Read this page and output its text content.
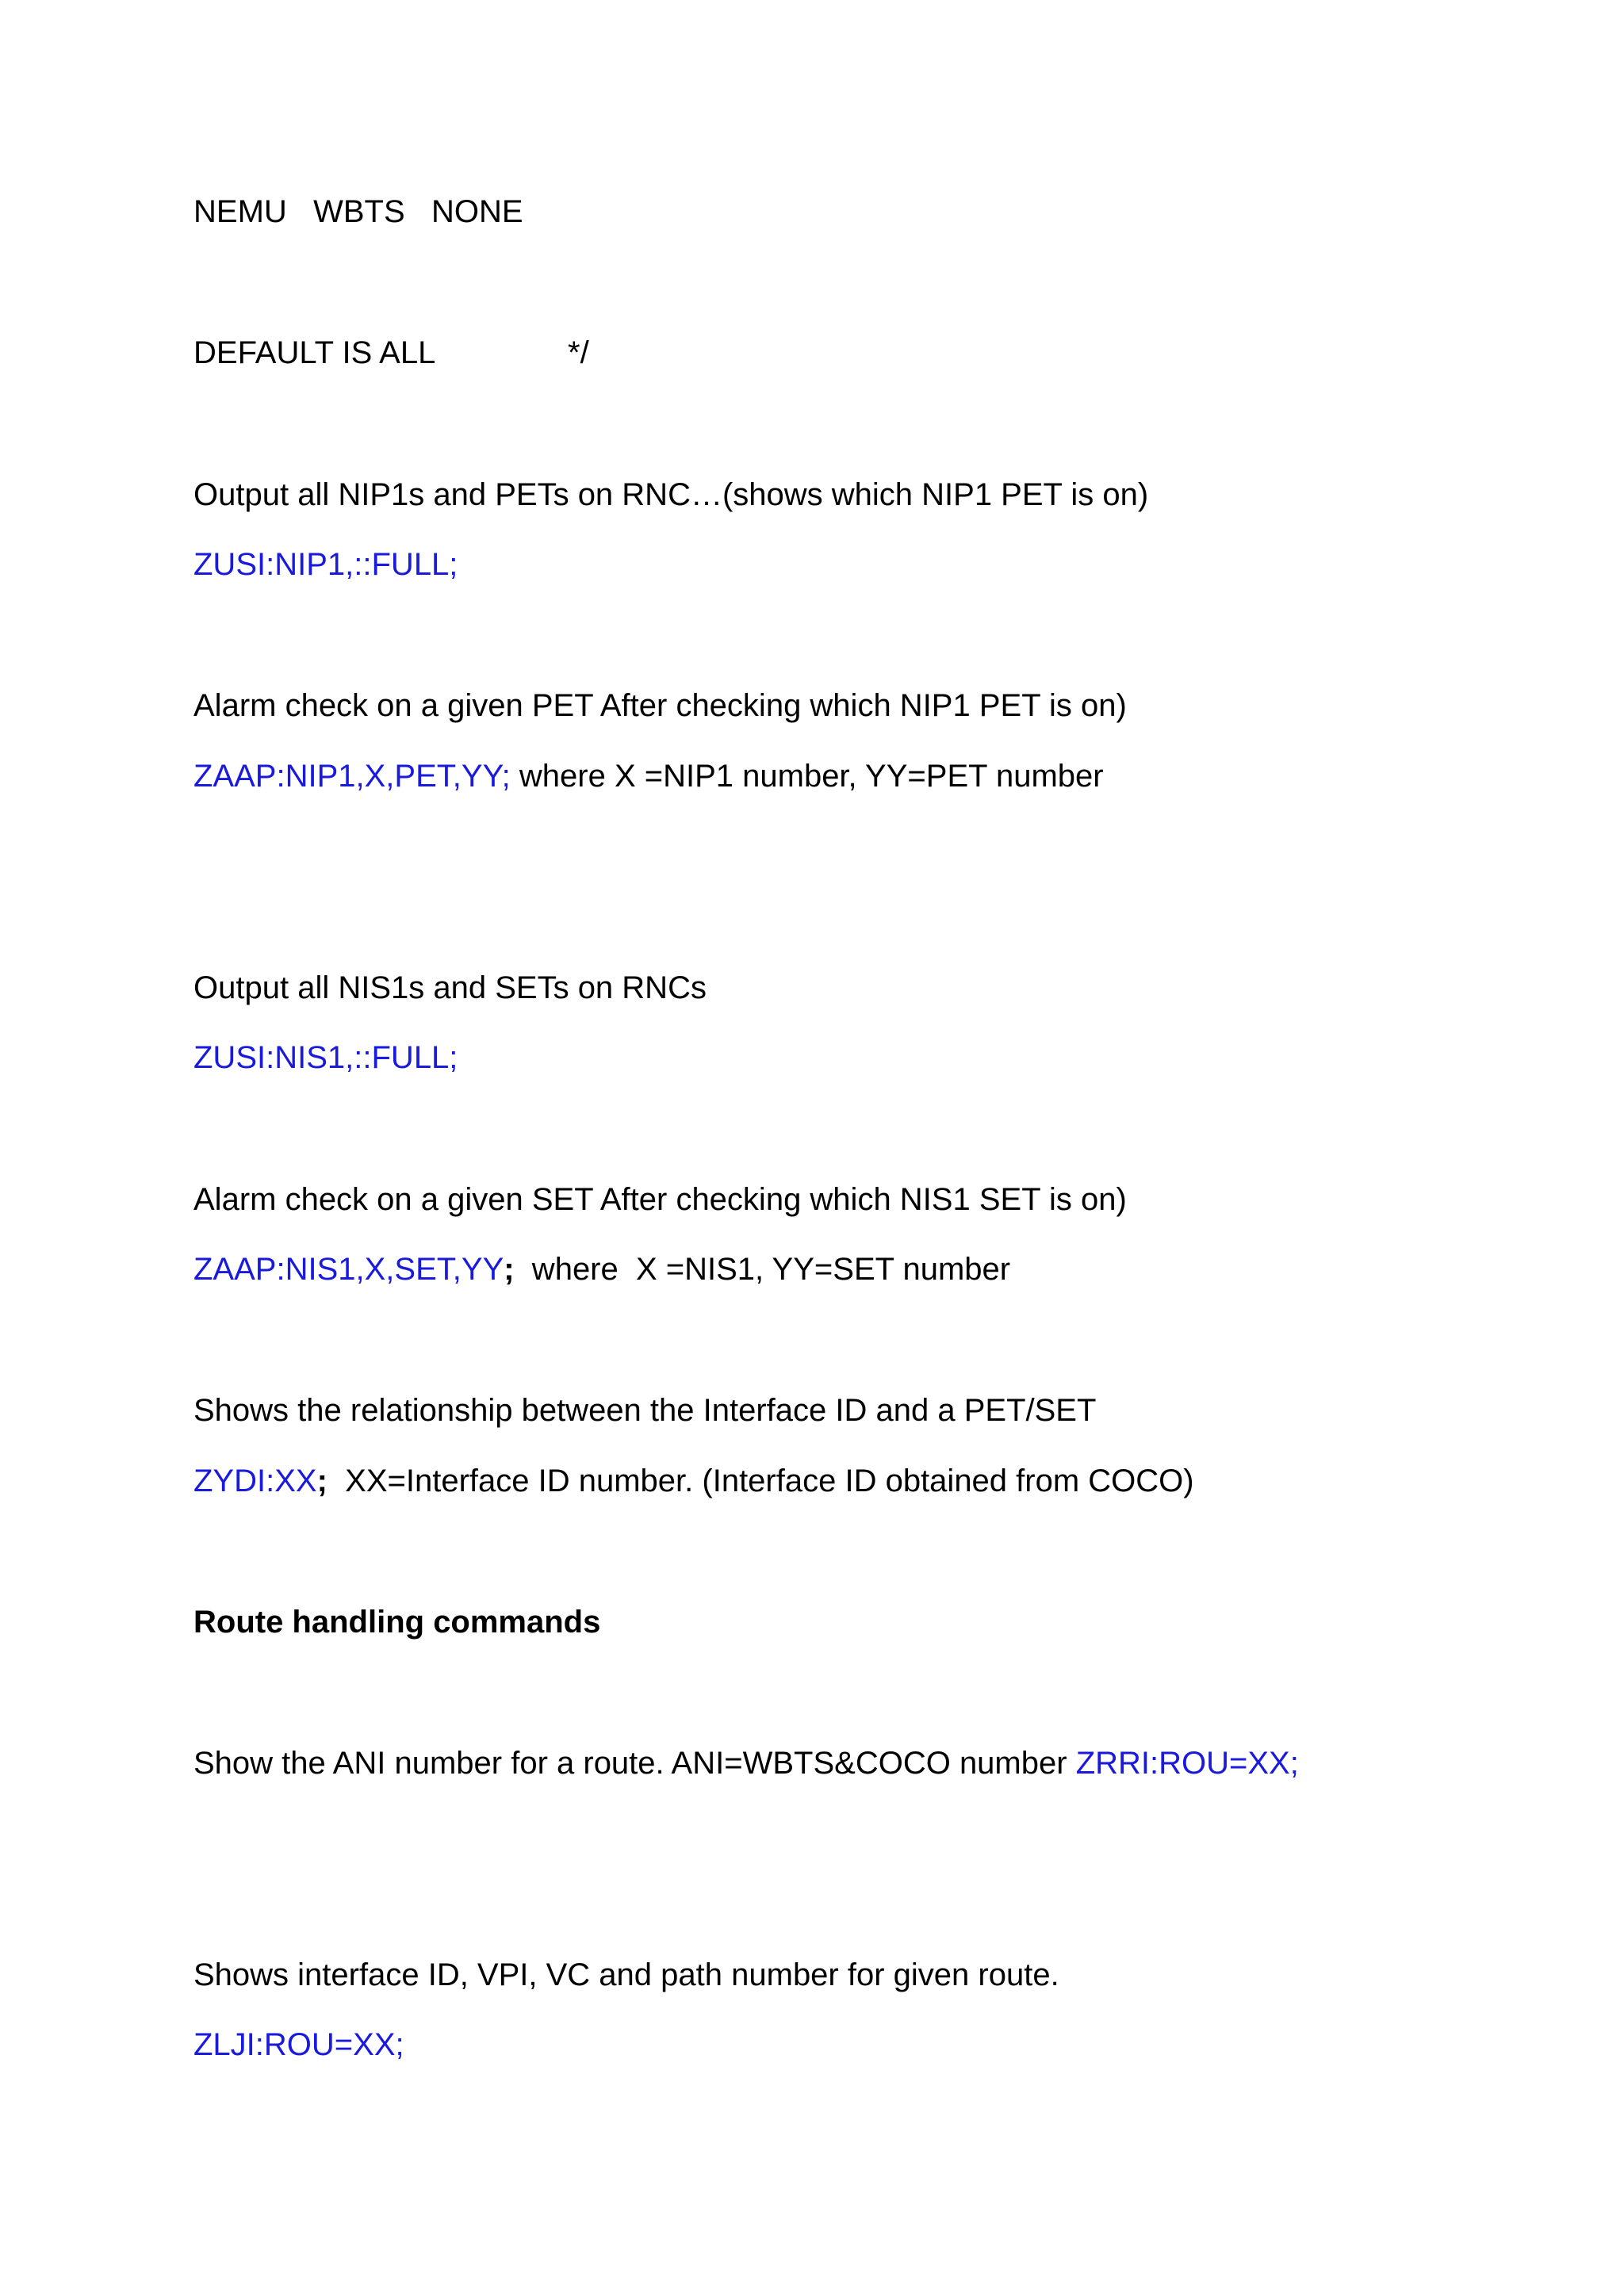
NEMU   WBTS   NONE

DEFAULT IS ALL	*/

Output all NIP1s and PETs on RNC…(shows which NIP1 PET is on)

ZUSI:NIP1,::FULL;

Alarm check on a given PET After checking which NIP1 PET is on)

ZAAP:NIP1,X,PET,YY; where X =NIP1 number, YY=PET number

Output all NIS1s and SETs on RNCs

ZUSI:NIS1,::FULL;

Alarm check on a given SET After checking which NIS1 SET is on)

ZAAP:NIS1,X,SET,YY;  where  X =NIS1, YY=SET number

Shows the relationship between the Interface ID and a PET/SET

ZYDI:XX;  XX=Interface ID number. (Interface ID obtained from COCO)

Route handling commands

Show the ANI number for a route. ANI=WBTS&COCO number ZRRI:ROU=XX;

Shows interface ID, VPI, VC and path number for given route.

ZLJI:ROU=XX;
